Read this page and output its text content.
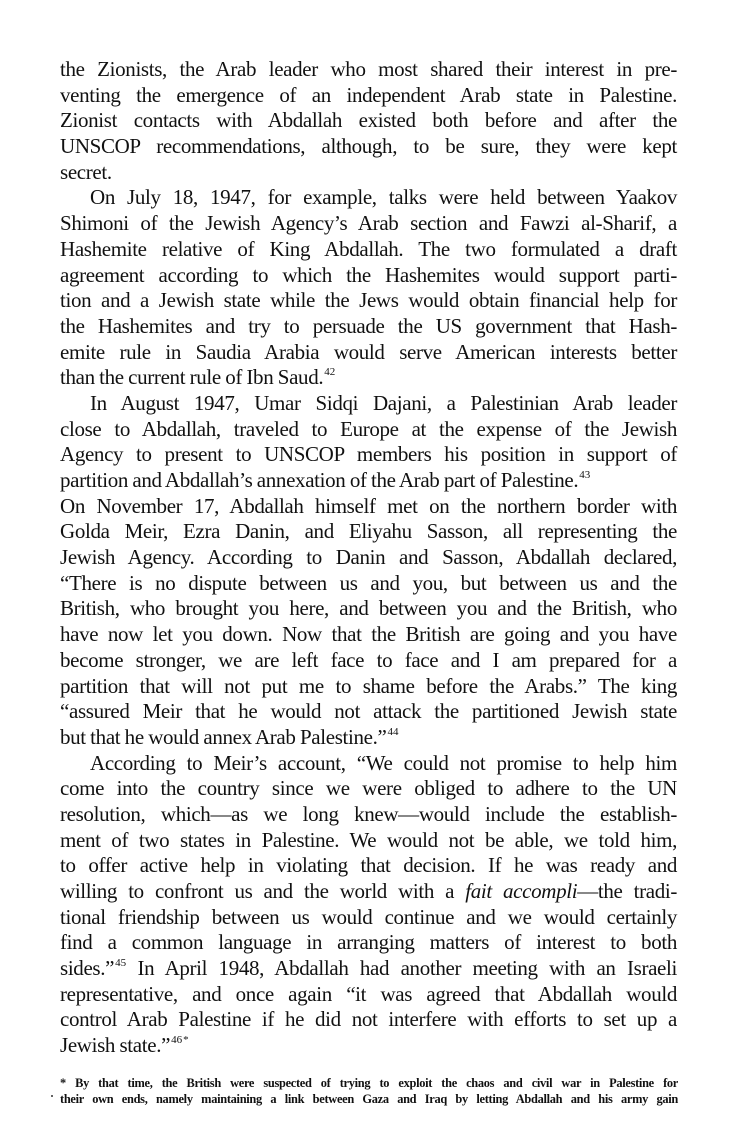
the Zionists, the Arab leader who most shared their interest in pre-
venting the emergence of an independent Arab state in Palestine.
Zionist contacts with Abdallah existed both before and after the
UNSCOP recommendations, although, to be sure, they were kept
secret.
On July 18, 1947, for example, talks were held between Yaakov
Shimoni of the Jewish Agency’s Arab section and Fawzi al-Sharif, a
Hashemite relative of King Abdallah. The two formulated a draft
agreement according to which the Hashemites would support parti-
tion and a Jewish state while the Jews would obtain financial help for
the Hashemites and try to persuade the US government that Hash-
emite rule in Saudia Arabia would serve American interests better
than the current rule of Ibn Saud.$^{42}$
In August 1947, Umar Sidqi Dajani, a Palestinian Arab leader
close to Abdallah, traveled to Europe at the expense of the Jewish
Agency to present to UNSCOP members his position in support of
partition and Abdallah’s annexation of the Arab part of Palestine.$^{43}$
On November 17, Abdallah himself met on the northern border with
Golda Meir, Ezra Danin, and Eliyahu Sasson, all representing the
Jewish Agency. According to Danin and Sasson, Abdallah declared,
“There is no dispute between us and you, but between us and the
British, who brought you here, and between you and the British, who
have now let you down. Now that the British are going and you have
become stronger, we are left face to face and I am prepared for a
partition that will not put me to shame before the Arabs.” The king
“assured Meir that he would not attack the partitioned Jewish state
but that he would annex Arab Palestine.”$^{44}$
According to Meir’s account, “We could not promise to help him
come into the country since we were obliged to adhere to the UN
resolution, which—as we long knew—would include the establish-
ment of two states in Palestine. We would not be able, we told him,
to offer active help in violating that decision. If he was ready and
willing to confront us and the world with a fait accompli—the tradi-
tional friendship between us would continue and we would certainly
find a common language in arranging matters of interest to both
sides.”$^{45}$ In April 1948, Abdallah had another meeting with an Israeli
representative, and once again “it was agreed that Abdallah would
control Arab Palestine if he did not interfere with efforts to set up a
Jewish state.”$^{46*}$
* By that time, the British were suspected of trying to exploit the chaos and civil war in Palestine for
their own ends, namely maintaining a link between Gaza and Iraq by letting Abdallah and his army gain
